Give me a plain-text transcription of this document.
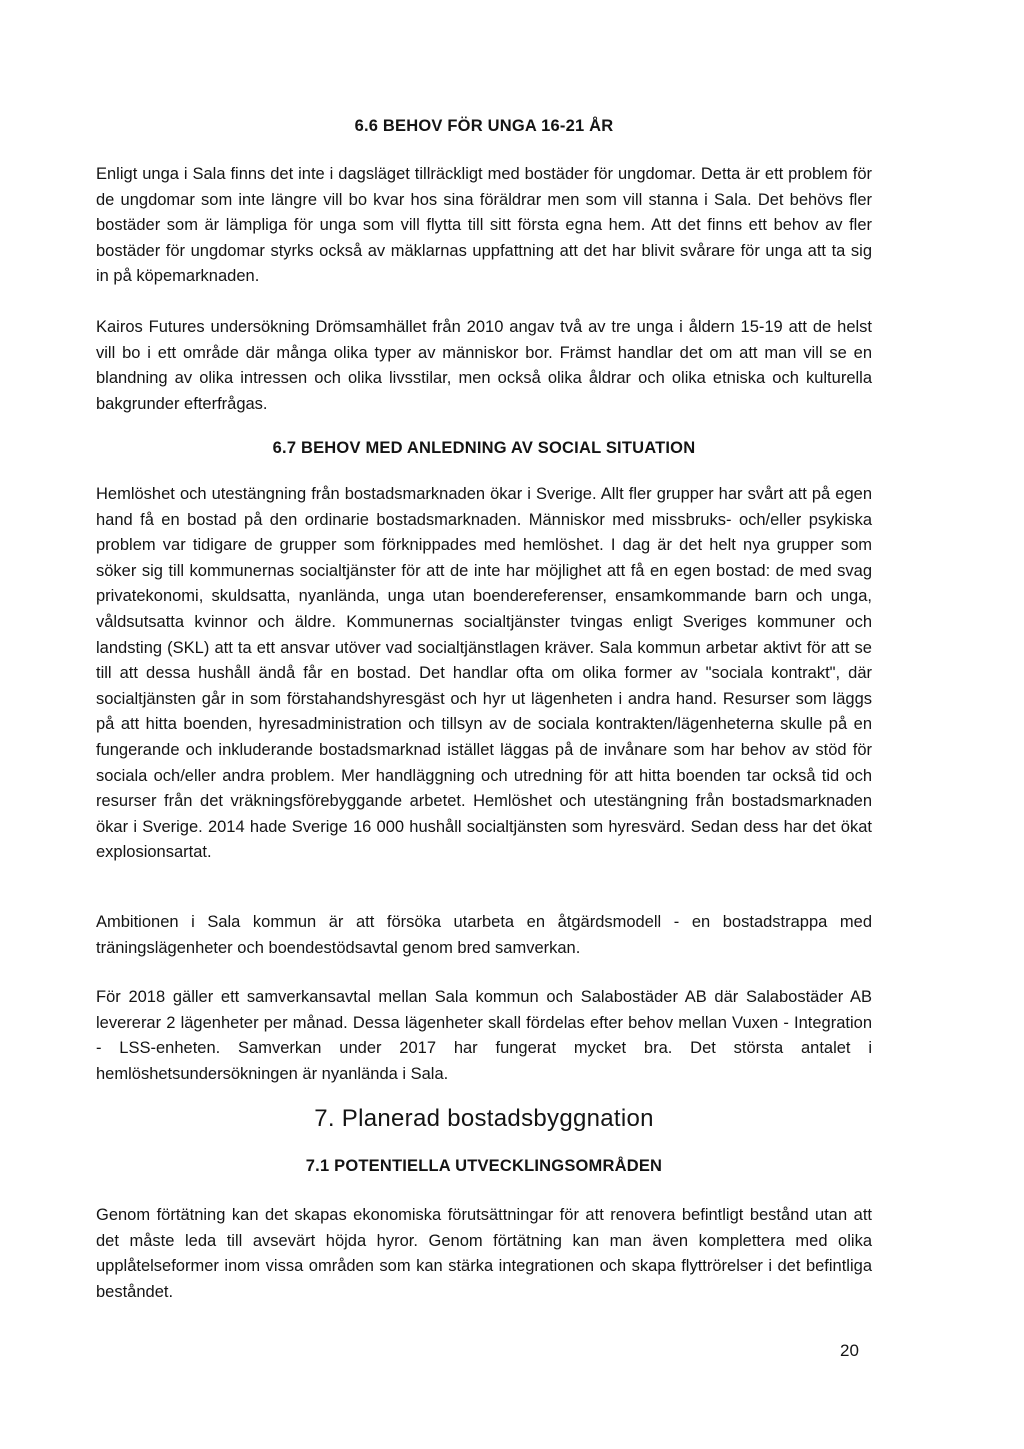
6.6 BEHOV FÖR UNGA 16-21 ÅR

Enligt unga i Sala finns det inte i dagsläget tillräckligt med bostäder för ungdomar. Detta är ett problem för de ungdomar som inte längre vill bo kvar hos sina föräldrar men som vill stanna i Sala. Det behövs fler bostäder som är lämpliga för unga som vill flytta till sitt första egna hem. Att det finns ett behov av fler bostäder för ungdomar styrks också av mäklarnas uppfattning att det har blivit svårare för unga att ta sig in på köpemarknaden.

Kairos Futures undersökning Drömsamhället från 2010 angav två av tre unga i åldern 15-19 att de helst vill bo i ett område där många olika typer av människor bor. Främst handlar det om att man vill se en blandning av olika intressen och olika livsstilar, men också olika åldrar och olika etniska och kulturella bakgrunder efterfrågas.

6.7 BEHOV MED ANLEDNING AV SOCIAL SITUATION

Hemlöshet och utestängning från bostadsmarknaden ökar i Sverige. Allt fler grupper har svårt att på egen hand få en bostad på den ordinarie bostadsmarknaden. Människor med missbruks- och/eller psykiska problem var tidigare de grupper som förknippades med hemlöshet. I dag är det helt nya grupper som söker sig till kommunernas socialtjänster för att de inte har möjlighet att få en egen bostad: de med svag privatekonomi, skuldsatta, nyanlända, unga utan boendereferenser, ensamkommande barn och unga, våldsutsatta kvinnor och äldre. Kommunernas socialtjänster tvingas enligt Sveriges kommuner och landsting (SKL) att ta ett ansvar utöver vad socialtjänstlagen kräver. Sala kommun arbetar aktivt för att se till att dessa hushåll ändå får en bostad. Det handlar ofta om olika former av "sociala kontrakt", där socialtjänsten går in som förstahandshyresgäst och hyr ut lägenheten i andra hand. Resurser som läggs på att hitta boenden, hyresadministration och tillsyn av de sociala kontrakten/lägenheterna skulle på en fungerande och inkluderande bostadsmarknad istället läggas på de invånare som har behov av stöd för sociala och/eller andra problem. Mer handläggning och utredning för att hitta boenden tar också tid och resurser från det vräkningsförebyggande arbetet. Hemlöshet och utestängning från bostadsmarknaden ökar i Sverige. 2014 hade Sverige 16 000 hushåll socialtjänsten som hyresvärd. Sedan dess har det ökat explosionsartat.

Ambitionen i Sala kommun är att försöka utarbeta en åtgärdsmodell - en bostadstrappa med träningslägenheter och boendestödsavtal genom bred samverkan.

För 2018 gäller ett samverkansavtal mellan Sala kommun och Salabostäder AB där Salabostäder AB levererar 2 lägenheter per månad. Dessa lägenheter skall fördelas efter behov mellan Vuxen - Integration - LSS-enheten. Samverkan under 2017 har fungerat mycket bra. Det största antalet i hemlöshetsundersökningen är nyanlända i Sala.

7. Planerad bostadsbyggnation
7.1 POTENTIELLA UTVECKLINGSOMRÅDEN

Genom förtätning kan det skapas ekonomiska förutsättningar för att renovera befintligt bestånd utan att det måste leda till avsevärt höjda hyror. Genom förtätning kan man även komplettera med olika upplåtelseformer inom vissa områden som kan stärka integrationen och skapa flyttrörelser i det befintliga beståndet.

20
